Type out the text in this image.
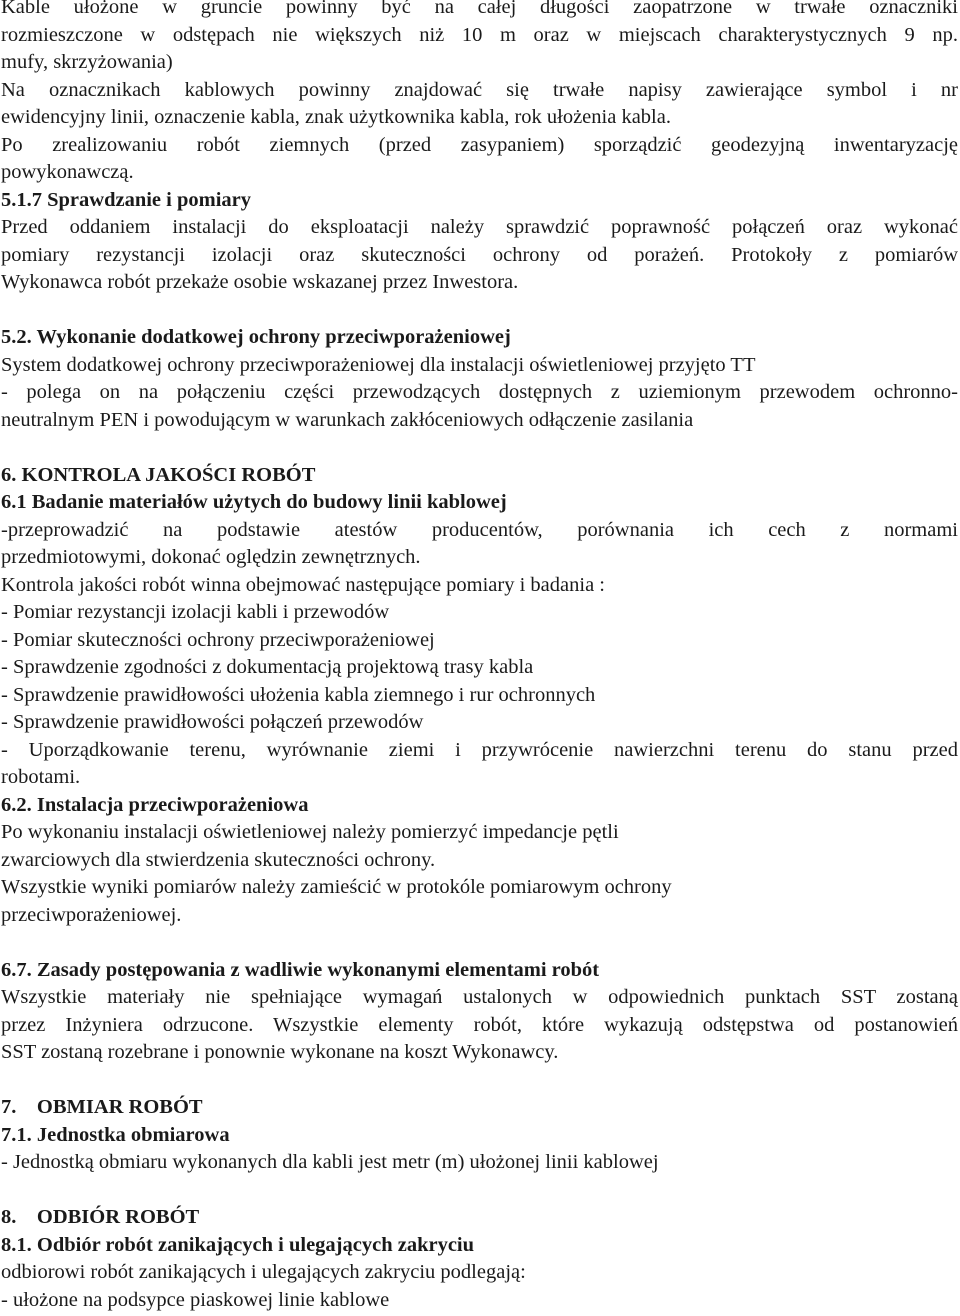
Kable ułożone w gruncie powinny być na całej długości zaopatrzone w trwałe oznaczniki
rozmieszczone w odstępach nie większych niż 10 m oraz w miejscach charakterystycznych 9 np.
mufy, skrzyżowania)
Na oznacznikach kablowych powinny znajdować się trwałe napisy zawierające symbol i nr
ewidencyjny linii, oznaczenie kabla, znak użytkownika kabla, rok ułożenia kabla.
Po zrealizowaniu robót ziemnych (przed zasypaniem) sporządzić geodezyjną inwentaryzację
powykonawczą.
5.1.7 Sprawdzanie i pomiary
Przed oddaniem instalacji do eksploatacji należy sprawdzić poprawność połączeń oraz wykonać
pomiary rezystancji izolacji oraz skuteczności ochrony od porażeń. Protokoły z pomiarów
Wykonawca robót przekaże osobie wskazanej przez Inwestora.
5.2. Wykonanie dodatkowej ochrony przeciwporażeniowej
System dodatkowej ochrony przeciwporażeniowej dla instalacji oświetleniowej przyjęto TT
- polega on na połączeniu części przewodzących dostępnych z uziemionym przewodem ochronno-
neutralnym PEN i powodującym w warunkach zakłóceniowych odłączenie zasilania
6. KONTROLA JAKOŚCI ROBÓT
6.1 Badanie materiałów użytych do budowy linii kablowej
-przeprowadzić na podstawie atestów producentów, porównania ich cech z normami
przedmiotowymi, dokonać oględzin zewnętrznych.
Kontrola jakości robót winna obejmować następujące pomiary i badania :
- Pomiar rezystancji izolacji kabli i przewodów
- Pomiar skuteczności ochrony przeciwporażeniowej
- Sprawdzenie zgodności z dokumentacją projektową trasy kabla
- Sprawdzenie prawidłowości ułożenia kabla ziemnego i rur ochronnych
- Sprawdzenie prawidłowości połączeń przewodów
- Uporządkowanie terenu, wyrównanie ziemi i przywrócenie nawierzchni terenu do stanu przed
robotami.
6.2. Instalacja przeciwporażeniowa
Po wykonaniu instalacji oświetleniowej należy pomierzyć impedancje pętli
zwarciowych dla stwierdzenia skuteczności ochrony.
Wszystkie wyniki pomiarów należy zamieścić w protokóle pomiarowym ochrony
przeciwporażeniowej.
6.7. Zasady postępowania z wadliwie wykonanymi elementami robót
Wszystkie materiały nie spełniające wymagań ustalonych w odpowiednich punktach SST zostaną
przez Inżyniera odrzucone. Wszystkie elementy robót, które wykazują odstępstwa od postanowień
SST zostaną rozebrane i ponownie wykonane na koszt Wykonawcy.
7.    OBMIAR ROBÓT
7.1. Jednostka obmiarowa
- Jednostką obmiaru wykonanych dla kabli jest metr (m) ułożonej linii kablowej
8.    ODBIÓR ROBÓT
8.1. Odbiór robót zanikających i ulegających zakryciu
odbiorowi robót zanikających i ulegających zakryciu podlegają:
- ułożone na podsypce piaskowej linie kablowe
